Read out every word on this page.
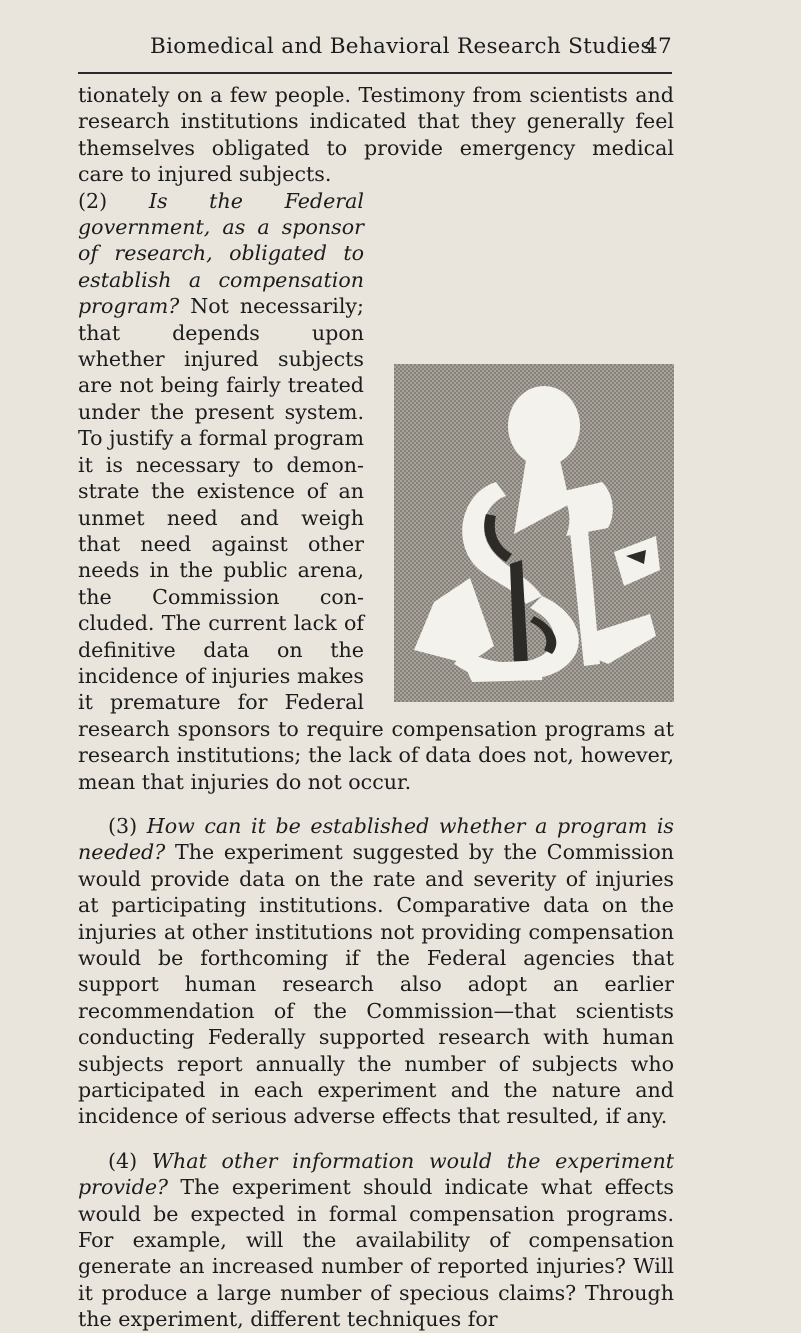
Biomedical and Behavioral Research Studies
47

tionately on a few people. Testimony from scientists and research institutions indicated that they generally feel themselves obligated to provide emergency medical care to injured subjects.

(2) Is the Federal government, as a sponsor of research, obligated to establish a compensation program? Not necessarily; that depends upon whether injured subjects are not being fairly treated under the present system. To justify a formal program it is necessary to demonstrate the existence of an unmet need and weigh that need against other needs in the public arena, the Commission concluded. The current lack of definitive data on the incidence of injuries makes it premature for Federal research sponsors to require compensation programs at research institutions; the lack of data does not, however, mean that injuries do not occur.

(3) How can it be established whether a program is needed? The experiment suggested by the Commission would provide data on the rate and severity of injuries at participating institutions. Comparative data on the injuries at other institutions not providing compensation would be forthcoming if the Federal agencies that support human research also adopt an earlier recommendation of the Commission—that scientists conducting Federally supported research with human subjects report annually the number of subjects who participated in each experiment and the nature and incidence of serious adverse effects that resulted, if any.

(4) What other information would the experiment provide? The experiment should indicate what effects would be expected in formal compensation programs. For example, will the availability of compensation generate an increased number of reported injuries? Will it produce a large number of specious claims? Through the experiment, different techniques for
